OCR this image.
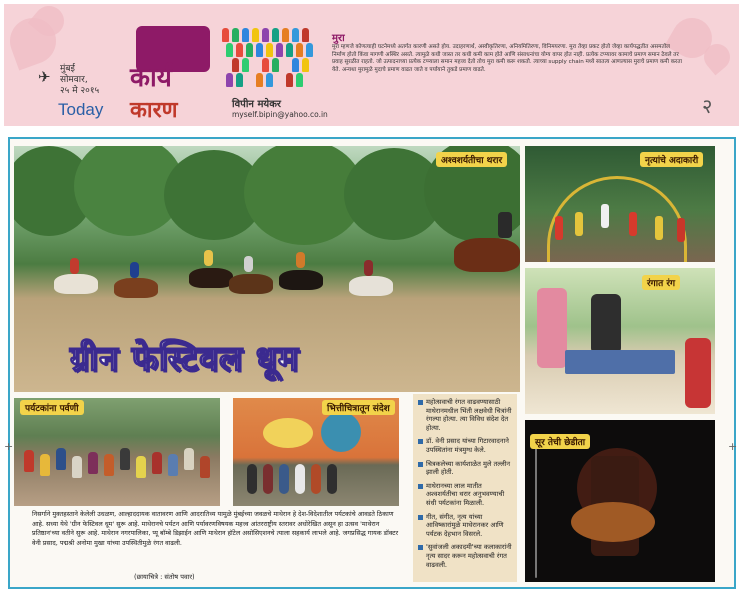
✈ मुंबई
सोमवार,
२५ मे २०१५
Today
कार्य
कारण	विपीन मयेकर
myself.bipin@yahoo.co.in
मुरा
मुरा म्हणजे कोणत्याही घटनेमध्ये अतर्गत कारणी असते होय. उदाहरणार्थ, अस्वीकृतिरणा, अनियमितिरणा, विनिमयरणा. मुरा तेव्हा प्रकट होतो जेव्हा कार्यपद्धतीत असमतोल निर्माण होतो किंवा मागणी अस्थिर असते. त्यामुळे कधी जास्त तर कधी कमी काम होते आणि संसाधनांचा योग्य वापर होत नाही. प्रत्येक टप्प्यावर कामाचे प्रमाण समान ठेवले तर प्रवाह सुरळीत राहतो. जो उत्पादनाच्या प्रत्येक टप्प्याला समान महत्त्व देतो तोच मुरा कमी करू शकतो. त्याच्या supply chain मध्ये सातत्य आणल्यास मुराचे प्रमाण कमी करता येते. अन्यथा मुरामुळे मुदाचे प्रमाण वाढत जाते व पर्यायाने तुकडे प्रमाण वाढते.
२
अश्वशर्यतीचा थरार
ग्रीन फेस्टिवल धूम
नृत्यांचे अदाकारी
रंगात रंग
सूर तेची छेडीता
पर्यटकांना पर्वणी	भित्तीचित्रातून संदेश
महोत्सवाची रंगत वाढवण्यासाठी माथेरानमधील भिंती लक्षवेधी चित्रांनी रंगल्या होत्या. त्या विविध संदेश देत होत्या.
डॉ. वेनी प्रसाद यांच्या गिटारवादनाने उपस्थितांना मंत्रमुग्ध केले.
चित्रकलेच्या कार्यशाळेत मुले तल्लीन झाली होती.
माथेरानच्या लाल मातीत अश्वशर्यतीचा थरार अनुभवण्याची संधी पर्यटकांना मिळाली.
गीत, संगीत, नृत्य यांच्या आविष्कारांमुळे माथेरानकर आणि पर्यटक देहभान विसरले.
'सुवांजली अकादमी'च्या कलाकारांनी नृत्य सादर करून महोत्सवाची रंगत वाढवली.
निसर्गाने मुक्तहस्ताने केलेली उधळण, आल्हाददायक वातावरण आणि आदरातिथ्य यामुळे मुंबईच्या जवळचे माथेरान हे देश-विदेशातील पर्यटकांचे आवडते ठिकाण आहे. सध्या येथे 'ग्रीन फेस्टिवल धूम' सुरू आहे. माथेरानचे पर्यटन आणि पर्यावरणविषयक महत्त्व आंतरराष्ट्रीय स्तरावर अधोरेखित असून हा उत्सव 'माथेरान प्रतिष्ठान'च्या वतीने सुरू आहे. माथेरान नगरपालिका, प्यू बॉम्बे डिझाईन आणि माथेरान हॉटेल असोसिएशनचे त्याला सहकार्य लाभले आहे. जगप्रसिद्ध गायक डॉक्टर वेनी प्रसाद, पद्मश्री अनोमा मुखा यांच्या उपस्थितीमुळे रंगत वाढली.
(छायाचित्रे : संतोष पवार)
+	+
